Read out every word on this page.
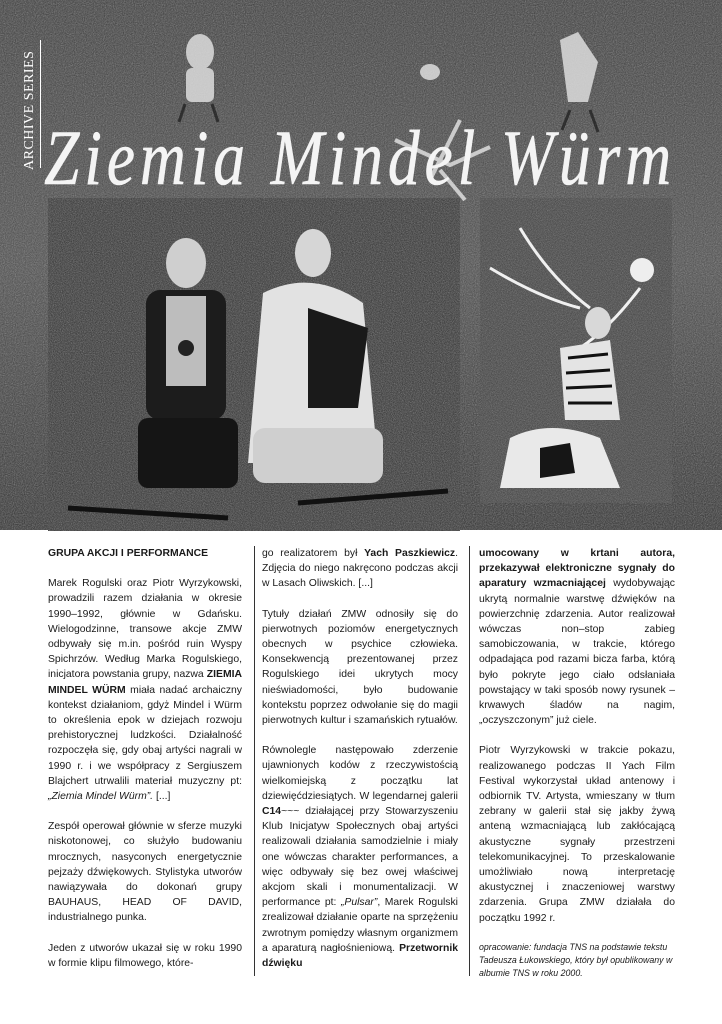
ARCHIVE SERIES Ziemia Mindel Würm

GRUPA AKCJI I PERFORMANCE

Marek Rogulski oraz Piotr Wyrzykowski, prowadzili razem działania w okresie 1990–1992, głównie w Gdańsku. Wielogodzinne, transowe akcje ZMW odbywały się m.in. pośród ruin Wyspy Spichrzów. Według Marka Rogulskiego, inicjatora powstania grupy, nazwa ZIEMIA MINDEL WÜRM miała nadać archaiczny kontekst działaniom, gdyż Mindel i Würm to określenia epok w dziejach rozwoju prehistorycznej ludzkości. Działalność rozpoczęła się, gdy obaj artyści nagrali w 1990 r. i we współpracy z Sergiuszem Blajchert utrwalili materiał muzyczny pt: „Ziemia Mindel Würm”. [...]

Zespół operował głównie w sferze muzyki niskotonowej, co służyło budowaniu mrocznych, nasyconych energetycznie pejzaży dźwiękowych. Stylistyka utworów nawiązywała do dokonań grupy BAUHAUS, HEAD OF DAVID, industrialnego punka.

Jeden z utworów ukazał się w roku 1990 w formie klipu filmowego, które-

go realizatorem był Yach Paszkiewicz. Zdjęcia do niego nakręcono podczas akcji w Lasach Oliwskich. [...]

Tytuły działań ZMW odnosiły się do pierwotnych poziomów energetycznych obecnych w psychice człowieka. Konsekwencją prezentowanej przez Rogulskiego idei ukrytych mocy nieświadomości, było budowanie kontekstu poprzez odwołanie się do magii pierwotnych kultur i szamańskich rytuałów.

Równolegle następowało zderzenie ujawnionych kodów z rzeczywistością wielkomiejską z początku lat dziewięćdziesiątych. W legendarnej galerii C14~~~ działającej przy Stowarzyszeniu Klub Inicjatyw Społecznych obaj artyści realizowali działania samodzielnie i miały one wówczas charakter performances, a więc odbywały się bez owej właściwej akcjom skali i monumentalizacji. W performance pt: „Pulsar”, Marek Rogulski zrealizował działanie oparte na sprzężeniu zwrotnym pomiędzy własnym organizmem a aparaturą nagłośnieniową. Przetwornik dźwięku

umocowany w krtani autora, przekazywał elektroniczne sygnały do aparatury wzmacniającej wydobywając ukrytą normalnie warstwę dźwięków na powierzchnię zdarzenia. Autor realizował wówczas non–stop zabieg samobiczowania, w trakcie, którego odpadająca pod razami bicza farba, którą było pokryte jego ciało odsłaniała powstający w taki sposób nowy rysunek – krwawych śladów na nagim, „oczyszczonym” już ciele.

Piotr Wyrzykowski w trakcie pokazu, realizowanego podczas II Yach Film Festival wykorzystał układ antenowy i odbiornik TV. Artysta, wmieszany w tłum zebrany w galerii stał się jakby żywą anteną wzmacniającą lub zakłócającą akustyczne sygnały przestrzeni telekomunikacyjnej. To przeskalowanie umożliwiało nową interpretację akustycznej i znaczeniowej warstwy zdarzenia. Grupa ZMW działała do początku 1992 r.

opracowanie: fundacja TNS na podstawie tekstu Tadeusza Łukowskiego, który był opublikowany w albumie TNS w roku 2000.
